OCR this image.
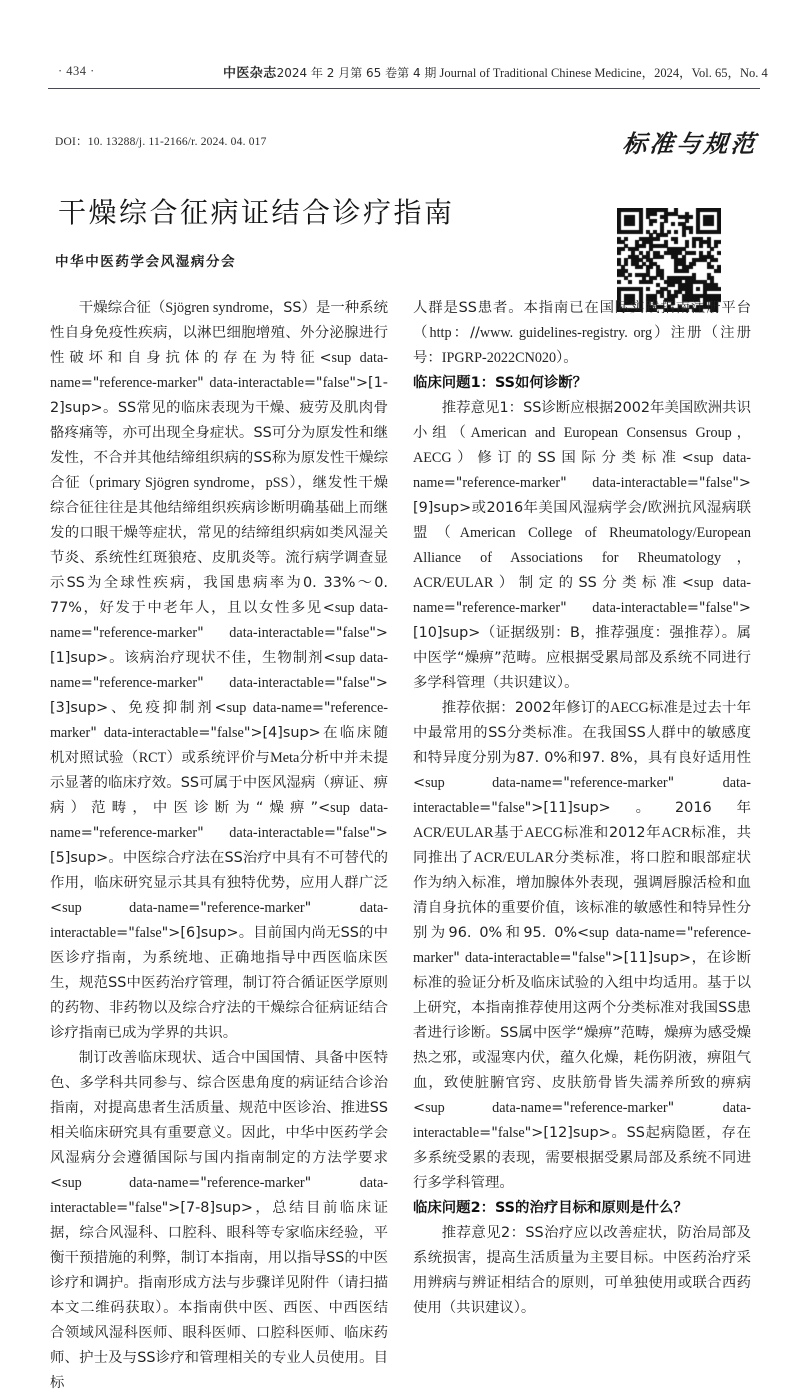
· 434 ·	中医杂志2024 年 2 月第 65 卷第 4 期 Journal of Traditional Chinese Medicine，2024，Vol. 65，No. 4
DOI：10. 13288/j. 11-2166/r. 2024. 04. 017	标准与规范
干燥综合征病证结合诊疗指南
中华中医药学会风湿病分会

干燥综合征（Sjögren syndrome，SS）是一种系统性自身免疫性疾病，以淋巴细胞增殖、外分泌腺进行性破坏和自身抗体的存在为特征<sup data-name="reference-marker" data-interactable="false">[1-2]sup>。SS常见的临床表现为干燥、疲劳及肌肉骨骼疼痛等，亦可出现全身症状。SS可分为原发性和继发性，不合并其他结缔组织病的SS称为原发性干燥综合征（primary Sjögren syndrome，pSS），继发性干燥综合征往往是其他结缔组织疾病诊断明确基础上而继发的口眼干燥等症状，常见的结缔组织病如类风湿关节炎、系统性红斑狼疮、皮肌炎等。流行病学调查显示SS为全球性疾病，我国患病率为0. 33%～0. 77%，好发于中老年人，且以女性多见<sup data-name="reference-marker" data-interactable="false">[1]sup>。该病治疗现状不佳，生物制剂<sup data-name="reference-marker" data-interactable="false">[3]sup>、免疫抑制剂<sup data-name="reference-marker" data-interactable="false">[4]sup>在临床随机对照试验（RCT）或系统评价与Meta分析中并未提示显著的临床疗效。SS可属于中医风湿病（痹证、痹病）范畴，中医诊断为“燥痹”<sup data-name="reference-marker" data-interactable="false">[5]sup>。中医综合疗法在SS治疗中具有不可替代的作用，临床研究显示其具有独特优势，应用人群广泛<sup data-name="reference-marker" data-interactable="false">[6]sup>。目前国内尚无SS的中医诊疗指南，为系统地、正确地指导中西医临床医生，规范SS中医药治疗管理，制订符合循证医学原则的药物、非药物以及综合疗法的干燥综合征病证结合诊疗指南已成为学界的共识。

制订改善临床现状、适合中国国情、具备中医特色、多学科共同参与、综合医患角度的病证结合诊治指南，对提高患者生活质量、规范中医诊治、推进SS相关临床研究具有重要意义。因此，中华中医药学会风湿病分会遵循国际与国内指南制定的方法学要求<sup data-name="reference-marker" data-interactable="false">[7-8]sup>，总结目前临床证据，综合风湿科、口腔科、眼科等专家临床经验，平衡干预措施的利弊，制订本指南，用以指导SS的中医诊疗和调护。指南形成方法与步骤详见附件（请扫描本文二维码获取）。本指南供中医、西医、中西医结合领域风湿科医师、眼科医师、口腔科医师、临床药师、护士及与SS诊疗和管理相关的专业人员使用。目标

人群是SS患者。本指南已在国际实践指南注册平台（http：//www. guidelines-registry. org）注册（注册号：IPGRP-2022CN020）。

临床问题1：SS如何诊断？

推荐意见1：SS诊断应根据2002年美国欧洲共识小组（American and European Consensus Group，AECG）修订的SS国际分类标准<sup data-name="reference-marker" data-interactable="false">[9]sup>或2016年美国风湿病学会/欧洲抗风湿病联盟（American College of Rheumatology/European Alliance of Associations for Rheumatology，ACR/EULAR）制定的SS分类标准<sup data-name="reference-marker" data-interactable="false">[10]sup>（证据级别：B，推荐强度：强推荐）。属中医学“燥痹”范畴。应根据受累局部及系统不同进行多学科管理（共识建议）。

推荐依据：2002年修订的AECG标准是过去十年中最常用的SS分类标准。在我国SS人群中的敏感度和特异度分别为87. 0%和97. 8%，具有良好适用性<sup data-name="reference-marker" data-interactable="false">[11]sup>。2016年ACR/EULAR基于AECG标准和2012年ACR标准，共同推出了ACR/EULAR分类标准，将口腔和眼部症状作为纳入标准，增加腺体外表现，强调唇腺活检和血清自身抗体的重要价值，该标准的敏感性和特异性分别为96. 0%和95. 0%<sup data-name="reference-marker" data-interactable="false">[11]sup>，在诊断标准的验证分析及临床试验的入组中均适用。基于以上研究，本指南推荐使用这两个分类标准对我国SS患者进行诊断。SS属中医学“燥痹”范畴，燥痹为感受燥热之邪，或湿寒内伏，蕴久化燥，耗伤阴液，痹阻气血，致使脏腑官窍、皮肤筋骨皆失濡养所致的痹病<sup data-name="reference-marker" data-interactable="false">[12]sup>。SS起病隐匿，存在多系统受累的表现，需要根据受累局部及系统不同进行多学科管理。

临床问题2：SS的治疗目标和原则是什么？

推荐意见2：SS治疗应以改善症状，防治局部及系统损害，提高生活质量为主要目标。中医药治疗采用辨病与辨证相结合的原则，可单独使用或联合西药使用（共识建议）。
